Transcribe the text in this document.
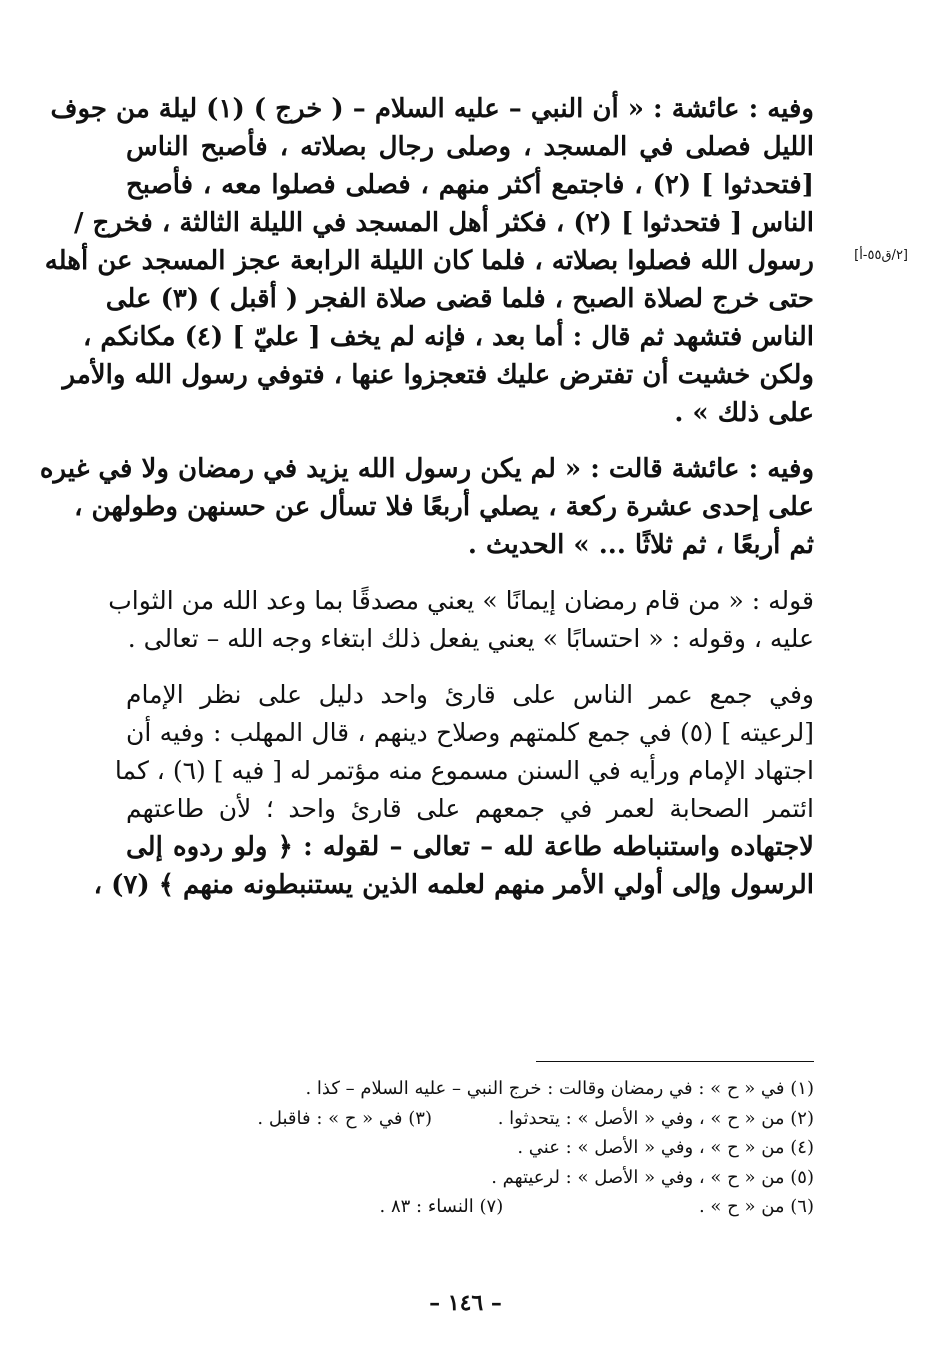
[٢/ق٥٥-أ]
وفيه : عائشة : « أن النبي – عليه السلام – ( خرج ) (١) ليلة من جوف
الليل فصلى في المسجد ، وصلى رجال بصلاته ، فأصبح الناس
[فتحدثوا ] (٢) ، فاجتمع أكثر منهم ، فصلى فصلوا معه ، فأصبح
الناس [ فتحدثوا ] (٢) ، فكثر أهل المسجد في الليلة الثالثة ، فخرج /
رسول الله فصلوا بصلاته ، فلما كان الليلة الرابعة عجز المسجد عن أهله
حتى خرج لصلاة الصبح ، فلما قضى صلاة الفجر ( أقبل ) (٣) على
الناس فتشهد ثم قال : أما بعد ، فإنه لم يخف [ عليّ ] (٤) مكانكم ،
ولكن خشيت أن تفترض عليك فتعجزوا عنها ، فتوفي رسول الله والأمر
على ذلك » .
وفيه : عائشة قالت : « لم يكن رسول الله يزيد في رمضان ولا في غيره
على إحدى عشرة ركعة ، يصلي أربعًا فلا تسأل عن حسنهن وطولهن ،
ثم أربعًا ، ثم ثلاثًا ... » الحديث .
قوله : « من قام رمضان إيمانًا » يعني مصدقًا بما وعد الله من الثواب
عليه ، وقوله : « احتسابًا » يعني يفعل ذلك ابتغاء وجه الله – تعالى .
وفي جمع عمر الناس على قارئ واحد دليل على نظر الإمام
[لرعيته ] (٥) في جمع كلمتهم وصلاح دينهم ، قال المهلب : وفيه أن
اجتهاد الإمام ورأيه في السنن مسموع منه مؤتمر له [ فيه ] (٦) ، كما
ائتمر الصحابة لعمر في جمعهم على قارئ واحد ؛ لأن طاعتهم
لاجتهاده واستنباطه طاعة لله – تعالى – لقوله : ﴿ ولو ردوه إلى
الرسول وإلى أولي الأمر منهم لعلمه الذين يستنبطونه منهم ﴾ (٧) ،
(١) في « ح » : في رمضان وقالت : خرج النبي – عليه السلام – كذا .
(٢) من « ح » ، وفي « الأصل » : يتحدثوا . (٣) في « ح » : فاقبل .
(٤) من « ح » ، وفي « الأصل » : عني .
(٥) من « ح » ، وفي « الأصل » : لرعيتهم .
(٦) من « ح » . (٧) النساء : ٨٣ .
– ١٤٦ –
